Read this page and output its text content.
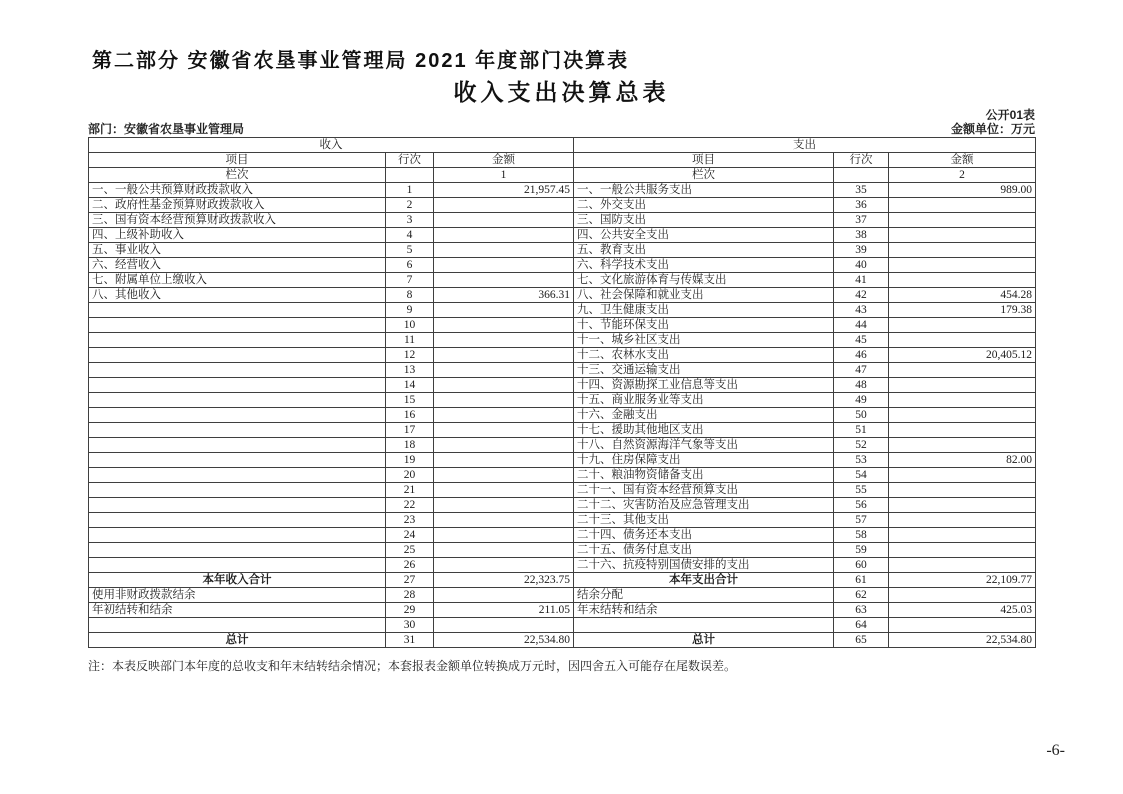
第二部分 安徽省农垦事业管理局 2021 年度部门决算表
收入支出决算总表
公开01表
部门：安徽省农垦事业管理局	金额单位：万元
收入			支出		
项目	行次	金额	项目	行次	金额
栏次		1	栏次		2
一、一般公共预算财政拨款收入	1	21,957.45	一、一般公共服务支出	35	989.00
二、政府性基金预算财政拨款收入	2		二、外交支出	36	
三、国有资本经营预算财政拨款收入	3		三、国防支出	37	
四、上级补助收入	4		四、公共安全支出	38	
五、事业收入	5		五、教育支出	39	
六、经营收入	6		六、科学技术支出	40	
七、附属单位上缴收入	7		七、文化旅游体育与传媒支出	41	
八、其他收入	8	366.31	八、社会保障和就业支出	42	454.28
	9		九、卫生健康支出	43	179.38
	10		十、节能环保支出	44	
	11		十一、城乡社区支出	45	
	12		十二、农林水支出	46	20,405.12
	13		十三、交通运输支出	47	
	14		十四、资源勘探工业信息等支出	48	
	15		十五、商业服务业等支出	49	
	16		十六、金融支出	50	
	17		十七、援助其他地区支出	51	
	18		十八、自然资源海洋气象等支出	52	
	19		十九、住房保障支出	53	82.00
	20		二十、粮油物资储备支出	54	
	21		二十一、国有资本经营预算支出	55	
	22		二十二、灾害防治及应急管理支出	56	
	23		二十三、其他支出	57	
	24		二十四、债务还本支出	58	
	25		二十五、债务付息支出	59	
	26		二十六、抗疫特别国债安排的支出	60	
本年收入合计	27	22,323.75	本年支出合计	61	22,109.77
使用非财政拨款结余	28		结余分配	62	
年初结转和结余	29	211.05	年末结转和结余	63	425.03
	30			64	
总计	31	22,534.80	总计	65	22,534.80
注：本表反映部门本年度的总收支和年末结转结余情况；本套报表金额单位转换成万元时，因四舍五入可能存在尾数误差。
-6-
